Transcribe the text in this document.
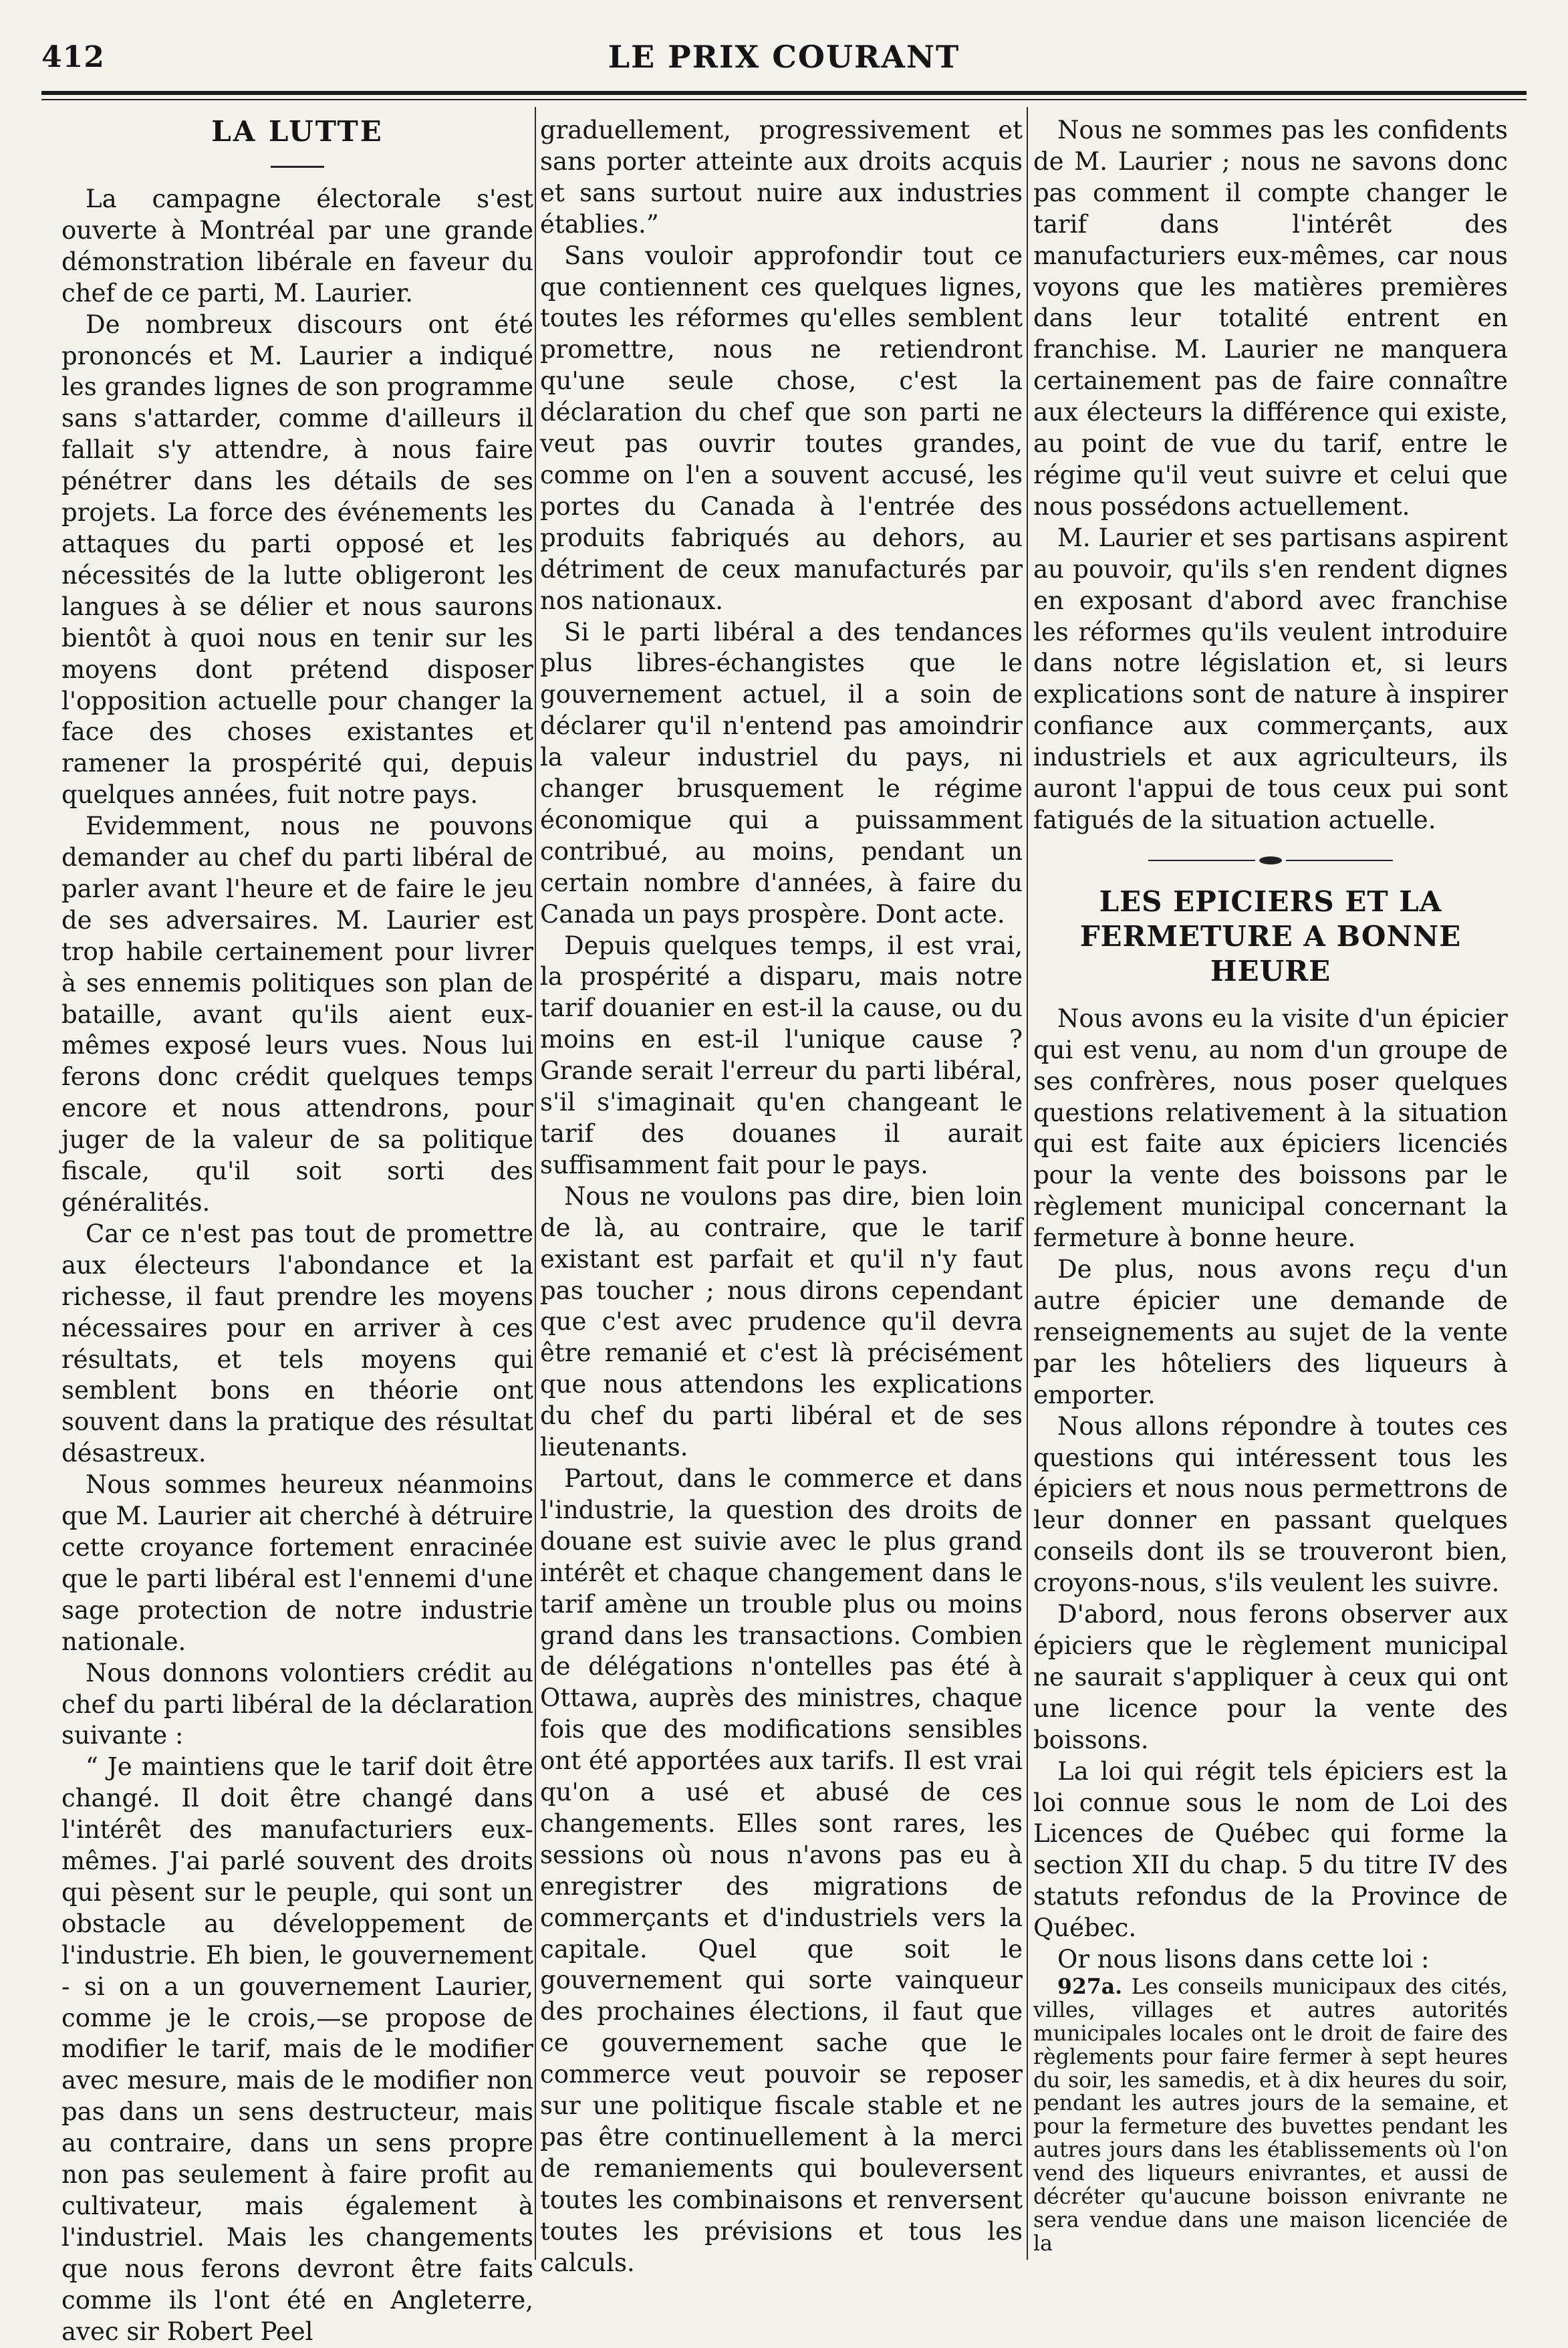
412	LE PRIX COURANT
LA LUTTE

La campagne électorale s'est ouverte à Montréal par une grande démonstration libérale en faveur du chef de ce parti, M. Laurier.

De nombreux discours ont été prononcés et M. Laurier a indiqué les grandes lignes de son programme sans s'attarder, comme d'ailleurs il fallait s'y attendre, à nous faire pénétrer dans les détails de ses projets. La force des événements les attaques du parti opposé et les nécessités de la lutte obligeront les langues à se délier et nous saurons bientôt à quoi nous en tenir sur les moyens dont prétend disposer l'opposition actuelle pour changer la face des choses existantes et ramener la prospérité qui, depuis quelques années, fuit notre pays.

Evidemment, nous ne pouvons demander au chef du parti libéral de parler avant l'heure et de faire le jeu de ses adversaires. M. Laurier est trop habile certainement pour livrer à ses ennemis politiques son plan de bataille, avant qu'ils aient eux-mêmes exposé leurs vues. Nous lui ferons donc crédit quelques temps encore et nous attendrons, pour juger de la valeur de sa politique fiscale, qu'il soit sorti des généralités.

Car ce n'est pas tout de promettre aux électeurs l'abondance et la richesse, il faut prendre les moyens nécessaires pour en arriver à ces résultats, et tels moyens qui semblent bons en théorie ont souvent dans la pratique des résultat désastreux.

Nous sommes heureux néanmoins que M. Laurier ait cherché à détruire cette croyance fortement enracinée que le parti libéral est l'ennemi d'une sage protection de notre industrie nationale.

Nous donnons volontiers crédit au chef du parti libéral de la déclaration suivante :

“ Je maintiens que le tarif doit être changé. Il doit être changé dans l'intérêt des manufacturiers eux-mêmes. J'ai parlé souvent des droits qui pèsent sur le peuple, qui sont un obstacle au développement de l'industrie. Eh bien, le gouvernement - si on a un gouvernement Laurier, comme je le crois,—se propose de modifier le tarif, mais de le modifier avec mesure, mais de le modifier non pas dans un sens destructeur, mais au contraire, dans un sens propre non pas seulement à faire profit au cultivateur, mais également à l'industriel. Mais les changements que nous ferons devront être faits comme ils l'ont été en Angleterre, avec sir Robert Peel

graduellement, progressivement et sans porter atteinte aux droits acquis et sans surtout nuire aux industries établies.”

Sans vouloir approfondir tout ce que contiennent ces quelques lignes, toutes les réformes qu'elles semblent promettre, nous ne retiendront qu'une seule chose, c'est la déclaration du chef que son parti ne veut pas ouvrir toutes grandes, comme on l'en a souvent accusé, les portes du Canada à l'entrée des produits fabriqués au dehors, au détriment de ceux manufacturés par nos nationaux.

Si le parti libéral a des tendances plus libres-échangistes que le gouvernement actuel, il a soin de déclarer qu'il n'entend pas amoindrir la valeur industriel du pays, ni changer brusquement le régime économique qui a puissamment contribué, au moins, pendant un certain nombre d'années, à faire du Canada un pays prospère. Dont acte.

Depuis quelques temps, il est vrai, la prospérité a disparu, mais notre tarif douanier en est-il la cause, ou du moins en est-il l'unique cause ? Grande serait l'erreur du parti libéral, s'il s'imaginait qu'en changeant le tarif des douanes il aurait suffisamment fait pour le pays.

Nous ne voulons pas dire, bien loin de là, au contraire, que le tarif existant est parfait et qu'il n'y faut pas toucher ; nous dirons cependant que c'est avec prudence qu'il devra être remanié et c'est là précisément que nous attendons les explications du chef du parti libéral et de ses lieutenants.

Partout, dans le commerce et dans l'industrie, la question des droits de douane est suivie avec le plus grand intérêt et chaque changement dans le tarif amène un trouble plus ou moins grand dans les transactions. Combien de délégations n'ontelles pas été à Ottawa, auprès des ministres, chaque fois que des modifications sensibles ont été apportées aux tarifs. Il est vrai qu'on a usé et abusé de ces changements. Elles sont rares, les sessions où nous n'avons pas eu à enregistrer des migrations de commerçants et d'industriels vers la capitale. Quel que soit le gouvernement qui sorte vainqueur des prochaines élections, il faut que ce gouvernement sache que le commerce veut pouvoir se reposer sur une politique fiscale stable et ne pas être continuellement à la merci de remaniements qui bouleversent toutes les combinaisons et renversent toutes les prévisions et tous les calculs.

Nous ne sommes pas les confidents de M. Laurier ; nous ne savons donc pas comment il compte changer le tarif dans l'intérêt des manufacturiers eux-mêmes, car nous voyons que les matières premières dans leur totalité entrent en franchise. M. Laurier ne manquera certainement pas de faire connaître aux électeurs la différence qui existe, au point de vue du tarif, entre le régime qu'il veut suivre et celui que nous possédons actuellement.

M. Laurier et ses partisans aspirent au pouvoir, qu'ils s'en rendent dignes en exposant d'abord avec franchise les réformes qu'ils veulent introduire dans notre législation et, si leurs explications sont de nature à inspirer confiance aux commerçants, aux industriels et aux agriculteurs, ils auront l'appui de tous ceux pui sont fatigués de la situation actuelle.

LES EPICIERS ET LA FERMETURE A BONNE HEURE

Nous avons eu la visite d'un épicier qui est venu, au nom d'un groupe de ses confrères, nous poser quelques questions relativement à la situation qui est faite aux épiciers licenciés pour la vente des boissons par le règlement municipal concernant la fermeture à bonne heure.

De plus, nous avons reçu d'un autre épicier une demande de renseignements au sujet de la vente par les hôteliers des liqueurs à emporter.

Nous allons répondre à toutes ces questions qui intéressent tous les épiciers et nous nous permettrons de leur donner en passant quelques conseils dont ils se trouveront bien, croyons-nous, s'ils veulent les suivre.

D'abord, nous ferons observer aux épiciers que le règlement municipal ne saurait s'appliquer à ceux qui ont une licence pour la vente des boissons.

La loi qui régit tels épiciers est la loi connue sous le nom de Loi des Licences de Québec qui forme la section XII du chap. 5 du titre IV des statuts refondus de la Province de Québec.

Or nous lisons dans cette loi :

927a. Les conseils municipaux des cités, villes, villages et autres autorités municipales locales ont le droit de faire des règlements pour faire fermer à sept heures du soir, les samedis, et à dix heures du soir, pendant les autres jours de la semaine, et pour la fermeture des buvettes pendant les autres jours dans les établissements où l'on vend des liqueurs enivrantes, et aussi de décréter qu'aucune boisson enivrante ne sera vendue dans une maison licenciée de la
